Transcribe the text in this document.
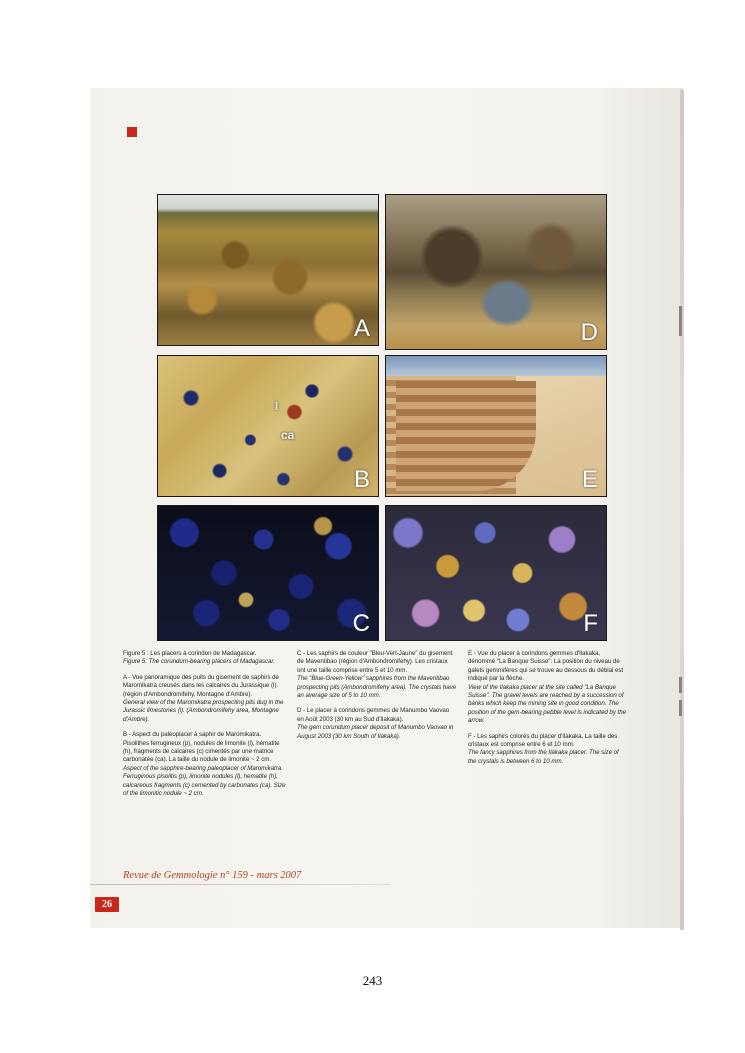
A	D
l
ca
B	E
C	F

Figure 5 : Les placers à corindon de Madagascar.
Figure 5: The corundum-bearing placers of Madagascar.

A - Vue panoramique des puits du gisement de saphirs de Maromikatra creusés dans les calcaires du Jurassique (l). (région d'Ambondromifehy, Montagne d'Ambre).
General view of the Maromikatra prospecting pits dug in the Jurassic limestones (l). (Ambondromifehy area, Montagne d'Ambre).

B - Aspect du paléoplacer à saphir de Maromikatra. Pisolithes ferrugineux (p), nodules de limonite (l), hématite (h), fragments de calcaires (c) cimentés par une matrice carbonatée (ca). La taille du nodule de limonite ~ 2 cm.
Aspect of the sapphire-bearing paleoplacer of Maromikatra. Ferruginous pisolitis (p), limonite nodules (l), hematite (h), calcareous fragments (c) cemented by carbonates (ca). Size of the limonitic nodule ~ 2 cm.

C - Les saphirs de couleur "Bleu-Vert-Jaune" du gisement de Maventibao (région d'Ambondromifehy). Les cristaux ont une taille comprise entre 5 et 10 mm.
The "Blue-Green-Yellow" sapphires from the Maventibao prospecting pits (Ambondromifehy area). The crystals have an average size of 5 to 10 mm.

D - Le placer à corindons gemmes de Manumbo Vaovao en Août 2003 (30 km au Sud d'Ilakaka).
The gem corundum placer deposit of Manumbo Vaovao in August 2003 (30 km South of Ilakaka).

E - Vue du placer à corindons gemmes d'Ilakaka, dénommé "La Banque Suisse". La position du niveau de galets gemmifères qui se trouve au dessous du déblai est indiqué par la flèche.
View of the Ilakaka placer at the site called "La Banque Suisse". The gravel levels are reached by a succession of banks which keep the mining site in good condition. The position of the gem-bearing pebble level is indicated by the arrow.

F - Les saphirs colorés du placer d'Ilakaka. La taille des cristaux est comprise entre 6 et 10 mm.
The fancy sapphires from the Ilakaka placer. The size of the crystals is between 6 to 10 mm.

Revue de Gemmologie n° 159 - mars 2007
26
243
